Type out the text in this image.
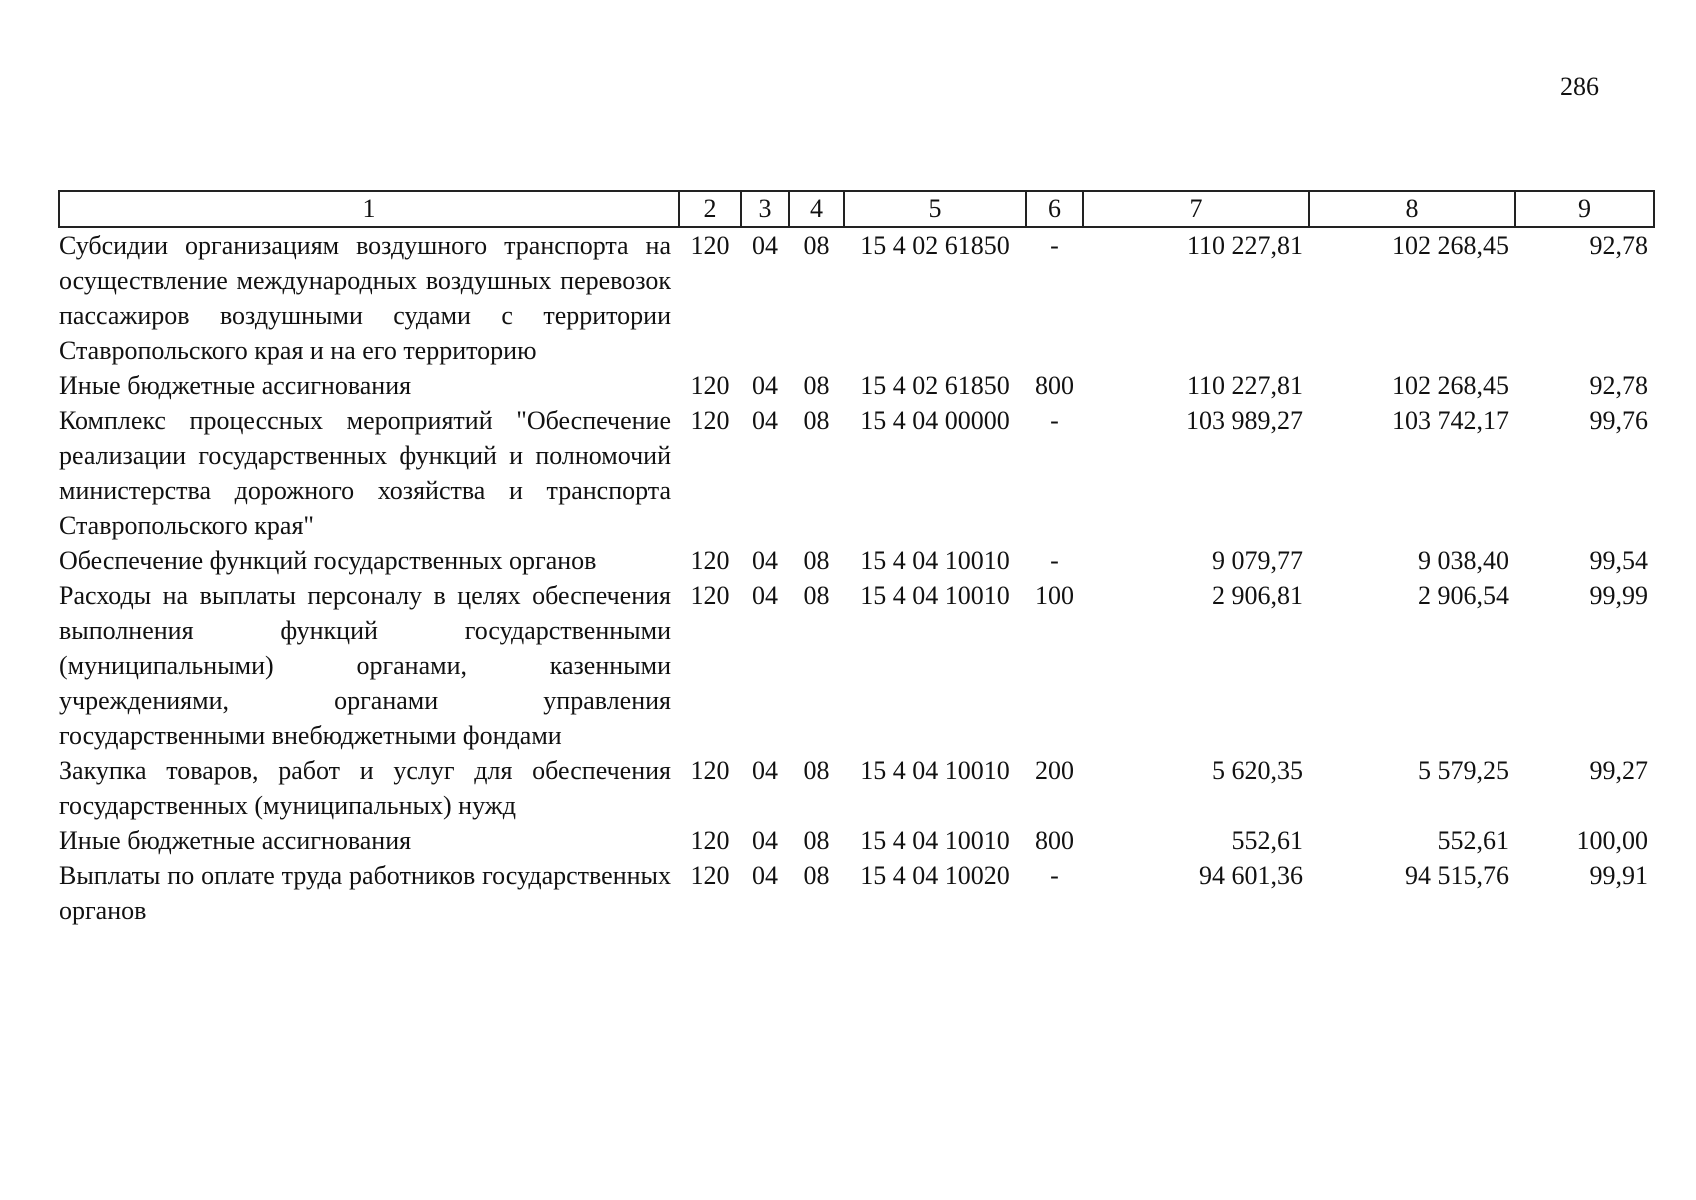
286
1	2	3	4	5	6	7	8	9
Субсидии организациям воздушного транспорта на осуществление международных воздушных перевозок пассажиров воздушными судами с территории Ставропольского края и на его территорию	120	04	08	15 4 02 61850	-	110 227,81	102 268,45	92,78
Иные бюджетные ассигнования	120	04	08	15 4 02 61850	800	110 227,81	102 268,45	92,78
Комплекс процессных мероприятий "Обеспечение реализации государственных функций и полномочий министерства дорожного хозяйства и транспорта Ставропольского края"	120	04	08	15 4 04 00000	-	103 989,27	103 742,17	99,76
Обеспечение функций государственных органов	120	04	08	15 4 04 10010	-	9 079,77	9 038,40	99,54
Расходы на выплаты персоналу в целях обеспечения выполнения функций государственными (муниципальными) органами, казенными учреждениями, органами управления государственными внебюджетными фондами	120	04	08	15 4 04 10010	100	2 906,81	2 906,54	99,99
Закупка товаров, работ и услуг для обеспечения государственных (муниципальных) нужд	120	04	08	15 4 04 10010	200	5 620,35	5 579,25	99,27
Иные бюджетные ассигнования	120	04	08	15 4 04 10010	800	552,61	552,61	100,00
Выплаты по оплате труда работников государственных органов	120	04	08	15 4 04 10020	-	94 601,36	94 515,76	99,91
